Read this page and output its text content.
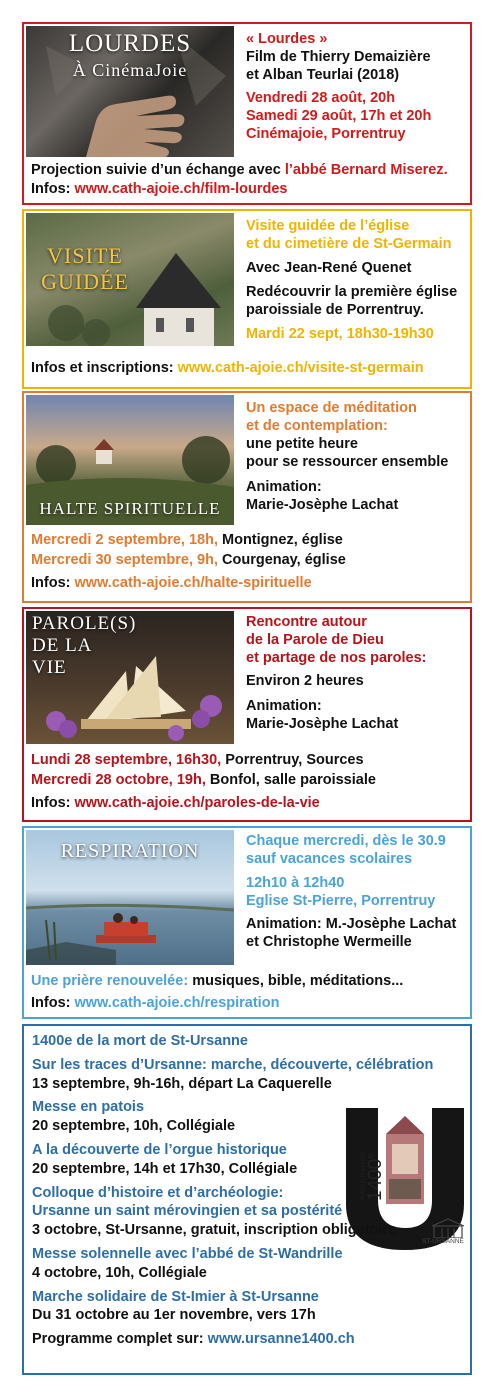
LOURDES
À CinémaJoie
« Lourdes »
Film de Thierry Demaizière
et Alban Teurlai (2018)
Vendredi 28 août, 20h
Samedi 29 août, 17h et 20h
Cinémajoie, Porrentruy

Projection suivie d’un échange avec l’abbé Bernard Miserez.

Infos: www.cath-ajoie.ch/film-lourdes

VISITE
GUIDÉE
Visite guidée de l’église
et du cimetière de St-Germain
Avec Jean-René Quenet
Redécouvrir la première église
paroissiale de Porrentruy.
Mardi 22 sept, 18h30-19h30

Infos et inscriptions: www.cath-ajoie.ch/visite-st-germain

HALTE SPIRITUELLE
Un espace de méditation
et de contemplation:
une petite heure
pour se ressourcer ensemble
Animation:
Marie-Josèphe Lachat

Mercredi 2 septembre, 18h, Montignez, église

Mercredi 30 septembre, 9h, Courgenay, église

Infos: www.cath-ajoie.ch/halte-spirituelle

PAROLE(S)
DE LA
VIE
Rencontre autour
de la Parole de Dieu
et partage de nos paroles:
Environ 2 heures
Animation:
Marie-Josèphe Lachat

Lundi 28 septembre, 16h30, Porrentruy, Sources

Mercredi 28 octobre, 19h, Bonfol, salle paroissiale

Infos: www.cath-ajoie.ch/paroles-de-la-vie

RESPIRATION	Chaque mercredi, dès le 30.9
sauf vacances scolaires
12h10 à 12h40
Eglise St-Pierre, Porrentruy
Animation: M.-Josèphe Lachat
et Christophe Wermeille

Une prière renouvelée: musiques, bible, méditations...

Infos: www.cath-ajoie.ch/respiration

PROGRAMME
1400e
ST-URSANNE
1400e de la mort de St-Ursanne
Sur les traces d’Ursanne: marche, découverte, célébration
13 septembre, 9h-16h, départ La Caquerelle
Messe en patois
20 septembre, 10h, Collégiale
A la découverte de l’orgue historique
20 septembre, 14h et 17h30, Collégiale
Colloque d’histoire et d’archéologie:
Ursanne un saint mérovingien et sa postérité
3 octobre, St-Ursanne, gratuit, inscription obligatoire
Messe solennelle avec l’abbé de St-Wandrille
4 octobre, 10h, Collégiale
Marche solidaire de St-Imier à St-Ursanne
Du 31 octobre au 1er novembre, vers 17h
Programme complet sur: www.ursanne1400.ch
